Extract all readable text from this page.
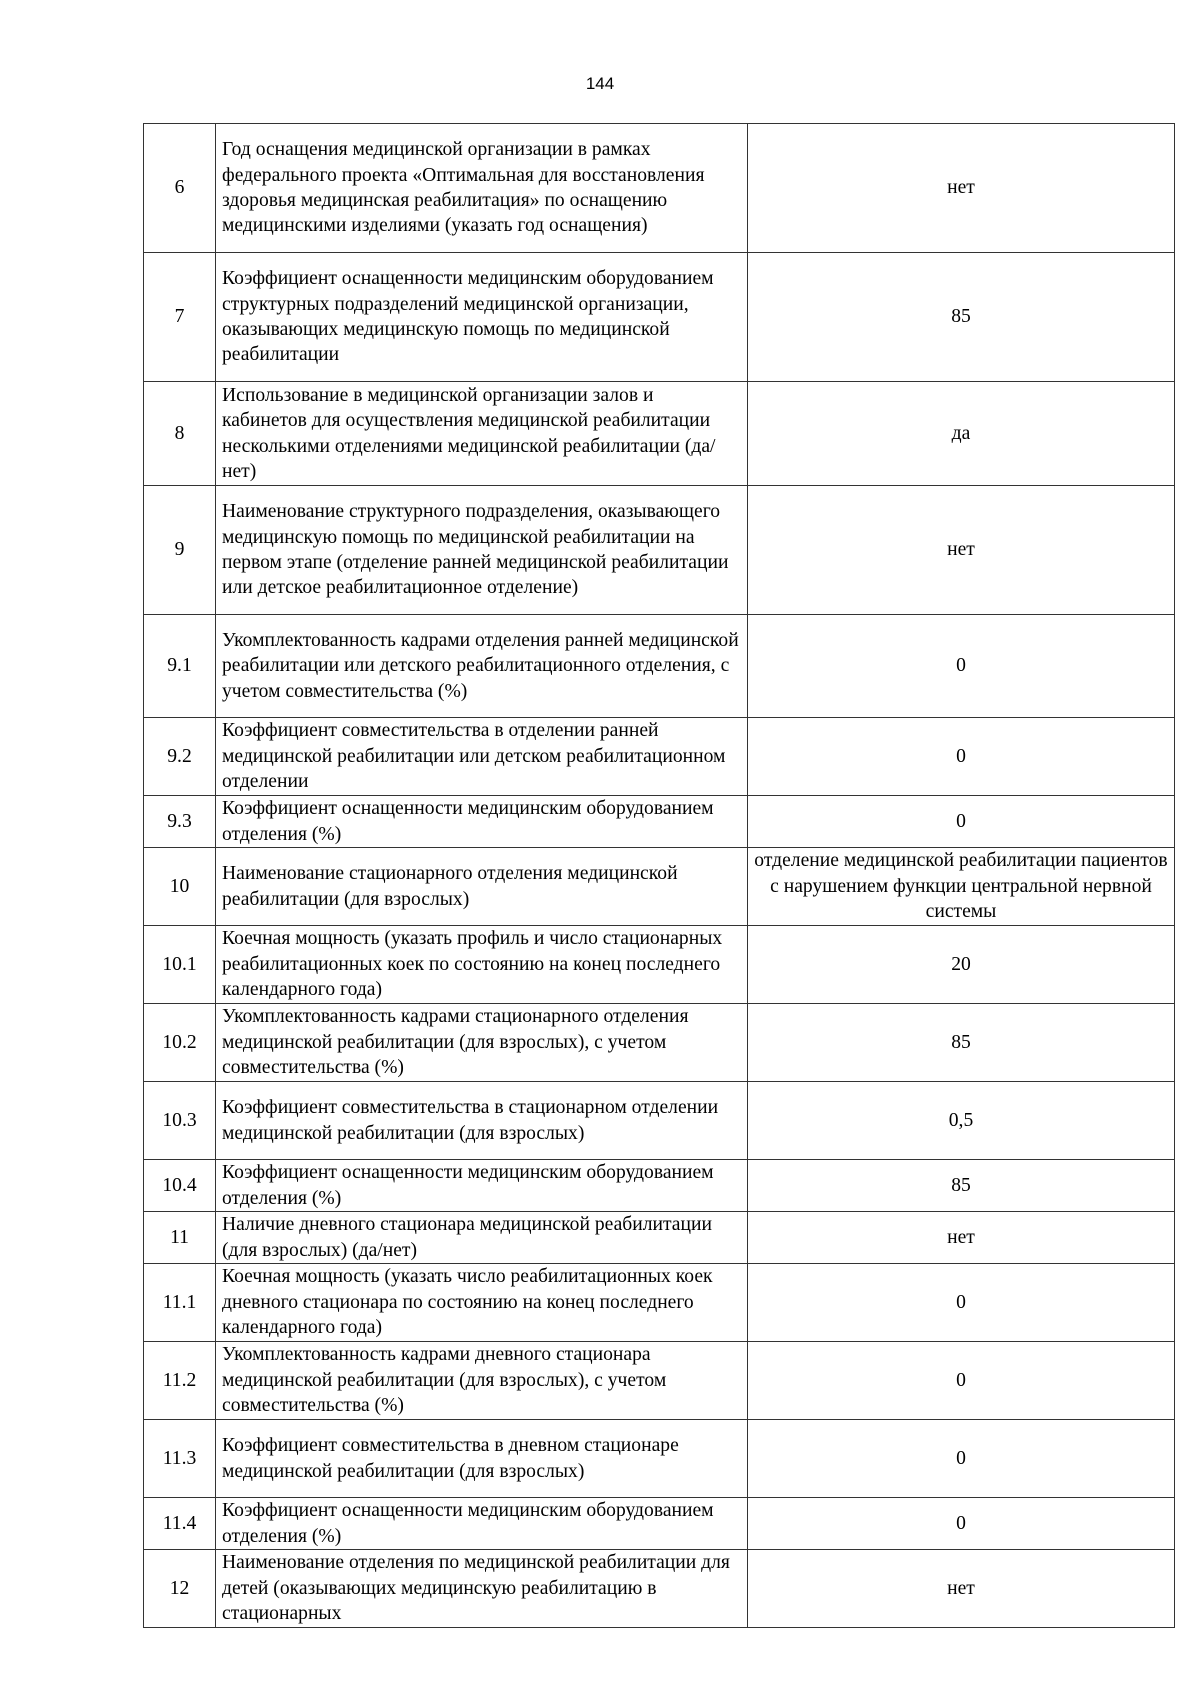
144
6	Год оснащения медицинской организации в рамках федерального проекта «Оптимальная для восстановления здоровья медицинская реабилитация» по оснащению медицинскими изделиями (указать год оснащения)	нет
7	Коэффициент оснащенности медицинским оборудованием структурных подразделений медицинской организации, оказывающих медицинскую помощь по медицинской реабилитации	85
8	Использование в медицинской организации залов и кабинетов для осуществления медицинской реабилитации несколькими отделениями медицинской реабилитации (да/нет)	да
9	Наименование структурного подразделения, оказывающего медицинскую помощь по медицинской реабилитации на первом этапе (отделение ранней медицинской реабилитации или детское реабилитационное отделение)	нет
9.1	Укомплектованность кадрами отделения ранней медицинской реабилитации или детского реабилитационного отделения, с учетом совместительства (%)	0
9.2	Коэффициент совместительства в отделении ранней медицинской реабилитации или детском реабилитационном отделении	0
9.3	Коэффициент оснащенности медицинским оборудованием отделения (%)	0
10	Наименование стационарного отделения медицинской реабилитации (для взрослых)	отделение медицинской реабилитации пациентов с нарушением функции центральной нервной системы
10.1	Коечная мощность (указать профиль и число стационарных реабилитационных коек по состоянию на конец последнего календарного года)	20
10.2	Укомплектованность кадрами стационарного отделения медицинской реабилитации (для взрослых), с учетом совместительства (%)	85
10.3	Коэффициент совместительства в стационарном отделении медицинской реабилитации (для взрослых)	0,5
10.4	Коэффициент оснащенности медицинским оборудованием отделения (%)	85
11	Наличие дневного стационара медицинской реабилитации (для взрослых) (да/нет)	нет
11.1	Коечная мощность (указать число реабилитационных коек дневного стационара по состоянию на конец последнего календарного года)	0
11.2	Укомплектованность кадрами дневного стационара медицинской реабилитации (для взрослых), с учетом совместительства (%)	0
11.3	Коэффициент совместительства в дневном стационаре медицинской реабилитации (для взрослых)	0
11.4	Коэффициент оснащенности медицинским оборудованием отделения (%)	0
12	Наименование отделения по медицинской реабилитации для детей (оказывающих медицинскую реабилитацию в стационарных	нет
